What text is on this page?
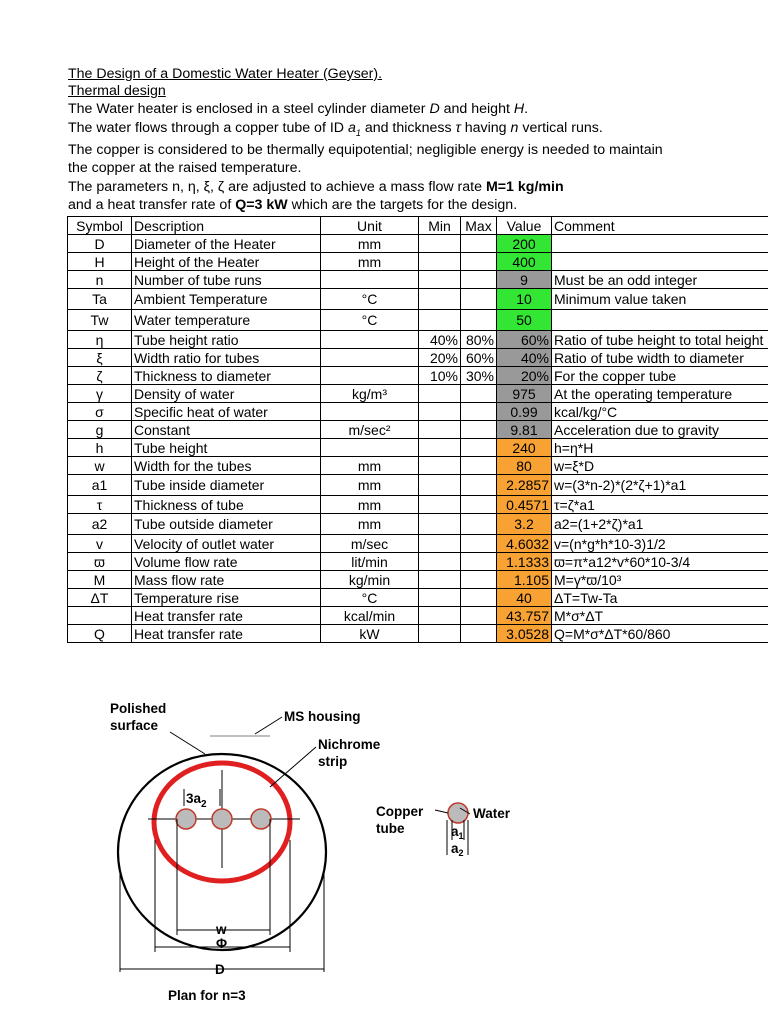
The Design of a Domestic Water Heater (Geyser).
Thermal design
The Water heater is enclosed in a steel cylinder diameter D and height H.
The water flows through a copper tube of ID $a_1$ and thickness τ having n vertical runs.
The copper is considered to be thermally equipotential; negligible energy is needed to maintain
the copper at the raised temperature.
The parameters n, η, ξ, ζ are adjusted to achieve a mass flow rate M=1 kg/min
and a heat transfer rate of Q=3 kW which are the targets for the design.
Symbol	Description	Unit	Min	Max	Value	Comment
D	Diameter of the Heater	mm			200	
H	Height of the Heater	mm			400	
n	Number of tube runs				9	Must be an odd integer
Ta	Ambient Temperature	°C			10	Minimum value taken
Tw	Water temperature	°C			50	
η	Tube height ratio		40%	80%	60%	Ratio of tube height to total height
ξ	Width ratio for tubes		20%	60%	40%	Ratio of tube width to diameter
ζ	Thickness to diameter		10%	30%	20%	For the copper tube
γ	Density of water	kg/m³			975	At the operating temperature
σ	Specific heat of water				0.99	kcal/kg/°C
g	Constant	m/sec²			9.81	Acceleration due to gravity
h	Tube height				240	h=η*H
w	Width for the tubes	mm			80	w=ξ*D
a1	Tube inside diameter	mm			2.2857	w=(3*n-2)*(2*ζ+1)*a1
τ	Thickness of tube	mm			0.4571	τ=ζ*a1
a2	Tube outside diameter	mm			3.2	a2=(1+2*ζ)*a1
v	Velocity of outlet water	m/sec			4.6032	v=(n*g*h*10-3)1/2
ϖ	Volume flow rate	lit/min			1.1333	ϖ=π*a12*v*60*10-3/4
M	Mass flow rate	kg/min			1.105	M=γ*ϖ/10³
ΔT	Temperature rise	°C			40	ΔT=Tw-Ta
	Heat transfer rate	kcal/min			43.757	M*σ*ΔT
Q	Heat transfer rate	kW			3.0528	Q=M*σ*ΔT*60/860
$3a_2$
Polished
surface
MS housing
Nichrome
strip
w
Φ
D
Plan for n=3
Copper
tube
Water
$a_1$
$a_2$
